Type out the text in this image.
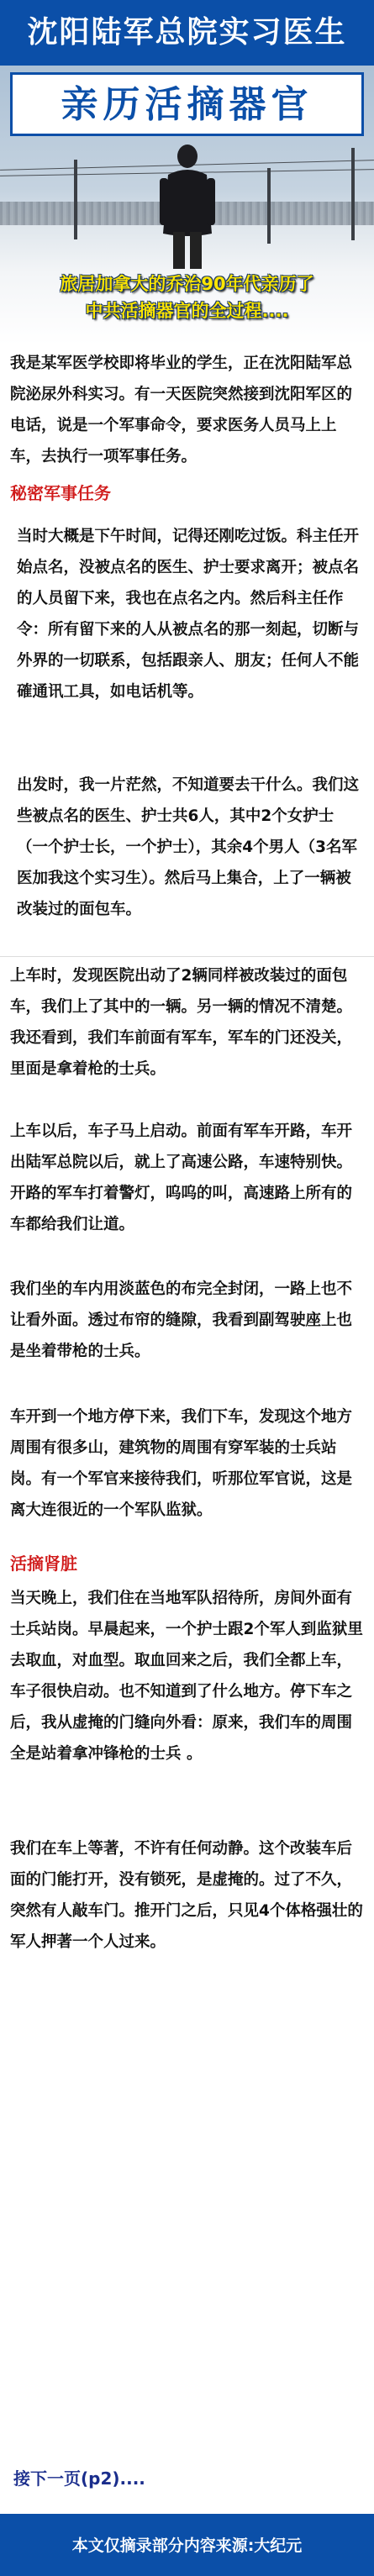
沈阳陆军总院实习医生
亲历活摘器官
旅居加拿大的乔治90年代亲历了
中共活摘器官的全过程....
我是某军医学校即将毕业的学生，正在沈阳陆军总院泌尿外科实习。有一天医院突然接到沈阳军区的电话，说是一个军事命令，要求医务人员马上上车，去执行一项军事任务。
秘密军事任务
当时大概是下午时间，记得还刚吃过饭。科主任开始点名，没被点名的医生、护士要求离开；被点名的人员留下来，我也在点名之内。然后科主任作令：所有留下来的人从被点名的那一刻起，切断与外界的一切联系，包括跟亲人、朋友；任何人不能確通讯工具，如电话机等。
出发时，我一片茫然，不知道要去干什么。我们这些被点名的医生、护士共6人，其中2个女护士（一个护士长，一个护士），其余4个男人（3名军医加我这个实习生）。然后马上集合，上了一辆被改装过的面包车。
上车时，发现医院出动了2辆同样被改装过的面包车，我们上了其中的一辆。另一辆的情况不清楚。我还看到，我们车前面有军车，军车的门还没关，里面是拿着枪的士兵。
上车以后，车子马上启动。前面有军车开路，车开出陆军总院以后，就上了高速公路，车速特别快。开路的军车打着警灯，呜呜的叫，高速路上所有的车都给我们让道。
我们坐的车内用淡蓝色的布完全封闭，一路上也不让看外面。透过布帘的缝隙，我看到副驾驶座上也是坐着带枪的士兵。
车开到一个地方停下来，我们下车，发现这个地方周围有很多山，建筑物的周围有穿军装的士兵站岗。有一个军官来接待我们，听那位军官说，这是离大连很近的一个军队监狱。
活摘肾脏
当天晚上，我们住在当地军队招待所，房间外面有士兵站岗。早晨起来，一个护士跟2个军人到监狱里去取血，对血型。取血回来之后，我们全都上车，车子很快启动。也不知道到了什么地方。停下车之后，我从虚掩的门缝向外看：原来，我们车的周围全是站着拿冲锋枪的士兵 。
我们在车上等著，不许有任何动静。这个改装车后面的门能打开，没有锁死，是虚掩的。过了不久，突然有人敲车门。推开门之后，只见4个体格强壮的军人押著一个人过来。
接下一页(p2)....
本文仅摘录部分内容来源:大纪元
